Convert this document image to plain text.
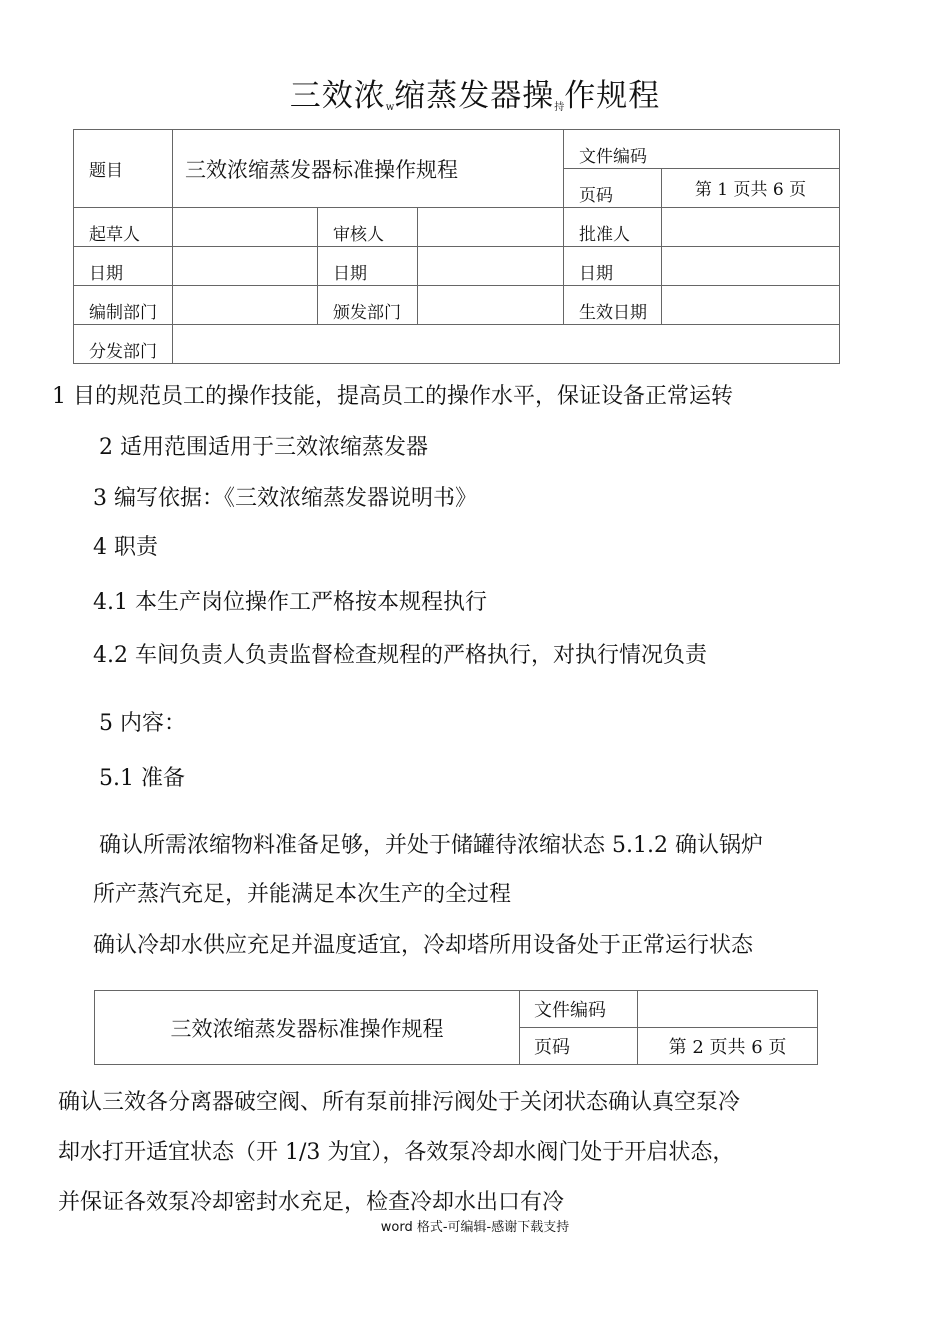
三效浓w缩蒸发器操持作规程
题目	三效浓缩蒸发器标准操作规程			文件编码	
				页码	第 1 页共 6 页
起草人		审核人		批准人	
日期		日期		日期	
编制部门		颁发部门		生效日期	
分发部门					
1 目的规范员工的操作技能，提高员工的操作水平，保证设备正常运转
2 适用范围适用于三效浓缩蒸发器
3 编写依据：《三效浓缩蒸发器说明书》
4 职责
4.1 本生产岗位操作工严格按本规程执行
4.2 车间负责人负责监督检查规程的严格执行，对执行情况负责
5 内容：
5.1 准备
确认所需浓缩物料准备足够，并处于储罐待浓缩状态 5.1.2 确认锅炉
所产蒸汽充足，并能满足本次生产的全过程
确认冷却水供应充足并温度适宜，冷却塔所用设备处于正常运行状态
三效浓缩蒸发器标准操作规程	文件编码	
	页码	第 2 页共 6 页
确认三效各分离器破空阀、所有泵前排污阀处于关闭状态确认真空泵冷
却水打开适宜状态（开 1/3 为宜），各效泵冷却水阀门处于开启状态，
并保证各效泵冷却密封水充足，检查冷却水出口有冷
word 格式-可编辑-感谢下载支持
